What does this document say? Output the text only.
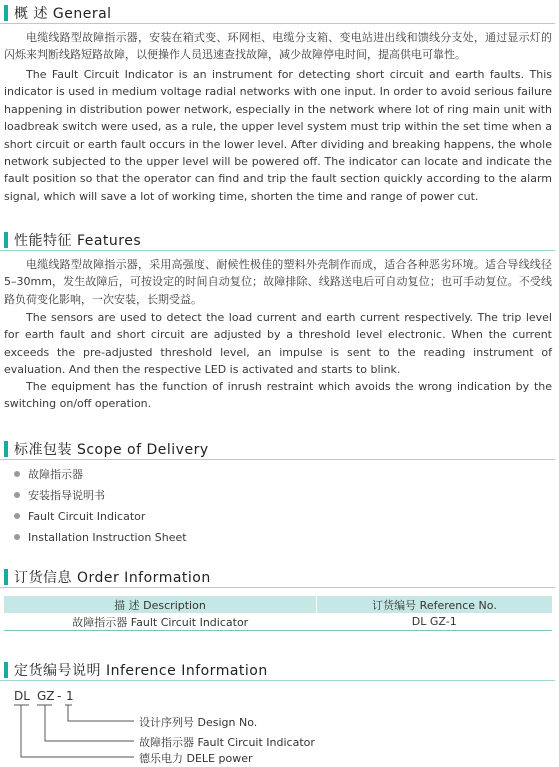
概 述 General

电缆线路型故障指示器，安装在箱式变、环网柜、电缆分支箱、变电站进出线和馈线分支处，通过显示灯的闪烁来判断线路短路故障，以便操作人员迅速查找故障，减少故障停电时间，提高供电可靠性。

The Fault Circuit Indicator is an instrument for detecting short circuit and earth faults. This indicator is used in medium voltage radial networks with one input. In order to avoid serious failure happening in distribution power network, especially in the network where lot of ring main unit with loadbreak switch were used, as a rule, the upper level system must trip within the set time when a short circuit or earth fault occurs in the lower level. After dividing and breaking happens, the whole network subjected to the upper level will be powered off. The indicator can locate and indicate the fault position so that the operator can find and trip the fault section quickly according to the alarm signal, which will save a lot of working time, shorten the time and range of power cut.

性能特征 Features

电缆线路型故障指示器，采用高强度、耐候性极佳的塑料外壳制作而成，适合各种恶劣环境。适合导线线径5–30mm，发生故障后，可按设定的时间自动复位；故障排除、线路送电后可自动复位；也可手动复位。不受线路负荷变化影响，一次安装，长期受益。

The sensors are used to detect the load current and earth current respectively. The trip level for earth fault and short circuit are adjusted by a threshold level electronic. When the current exceeds the pre-adjusted threshold level, an impulse is sent to the reading instrument of evaluation. And then the respective LED is activated and starts to blink.

The equipment has the function of inrush restraint which avoids the wrong indication by the switching on/off operation.

标准包装 Scope of Delivery
故障指示器
安装指导说明书
Fault Circuit Indicator
Installation Instruction Sheet
订货信息 Order Information
描 述 Description	订货编号 Reference No.
故障指示器 Fault Circuit Indicator	DL GZ-1
定货编号说明 Inference Information
DL GZ - 1
设计序列号 Design No.
故障指示器 Fault Circuit Indicator
德乐电力 DELE power
